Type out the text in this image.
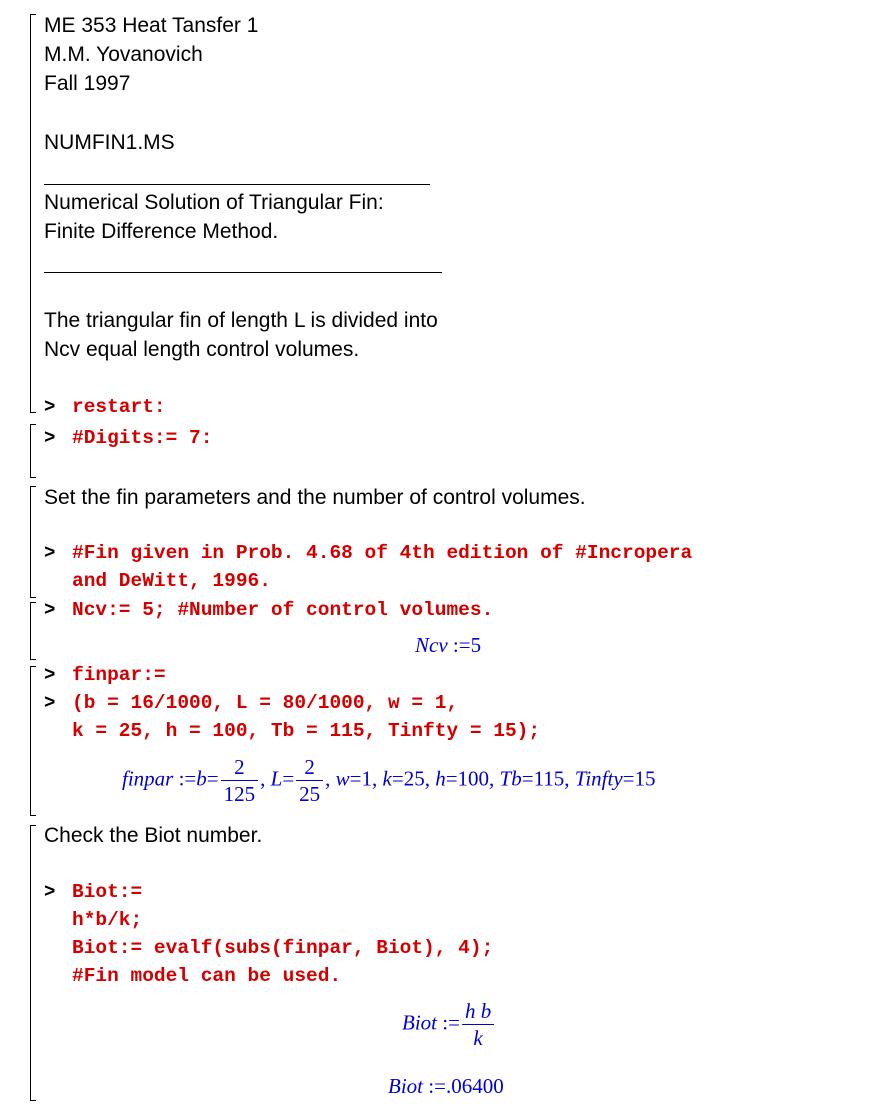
ME 353 Heat Tansfer 1
M.M. Yovanovich
Fall 1997
NUMFIN1.MS
Numerical Solution of Triangular Fin:
Finite Difference Method.
The triangular fin of length L is divided into
Ncv equal length control volumes.
> restart:
> #Digits:= 7:
Set the fin parameters and the number of control volumes.
> #Fin given in Prob. 4.68 of 4th edition of #Incropera
and DeWitt, 1996.
> Ncv:= 5; #Number of control volumes.
Ncv :=5
> finpar:=
> (b = 16/1000, L = 80/1000, w = 1,
k = 25, h = 100, Tb = 115, Tinfty = 15);
finpar :=b= $\frac{2}{125}$ , $L= \frac{2}{25}$ , w=1, k=25, h=100, Tb=115, Tinfty=15
Check the Biot number.
> Biot:=
h*b/k;
Biot:= evalf(subs(finpar, Biot), 4);
#Fin model can be used.
Biot := $\frac{\text{h b}}{k}$
Biot :=.06400
